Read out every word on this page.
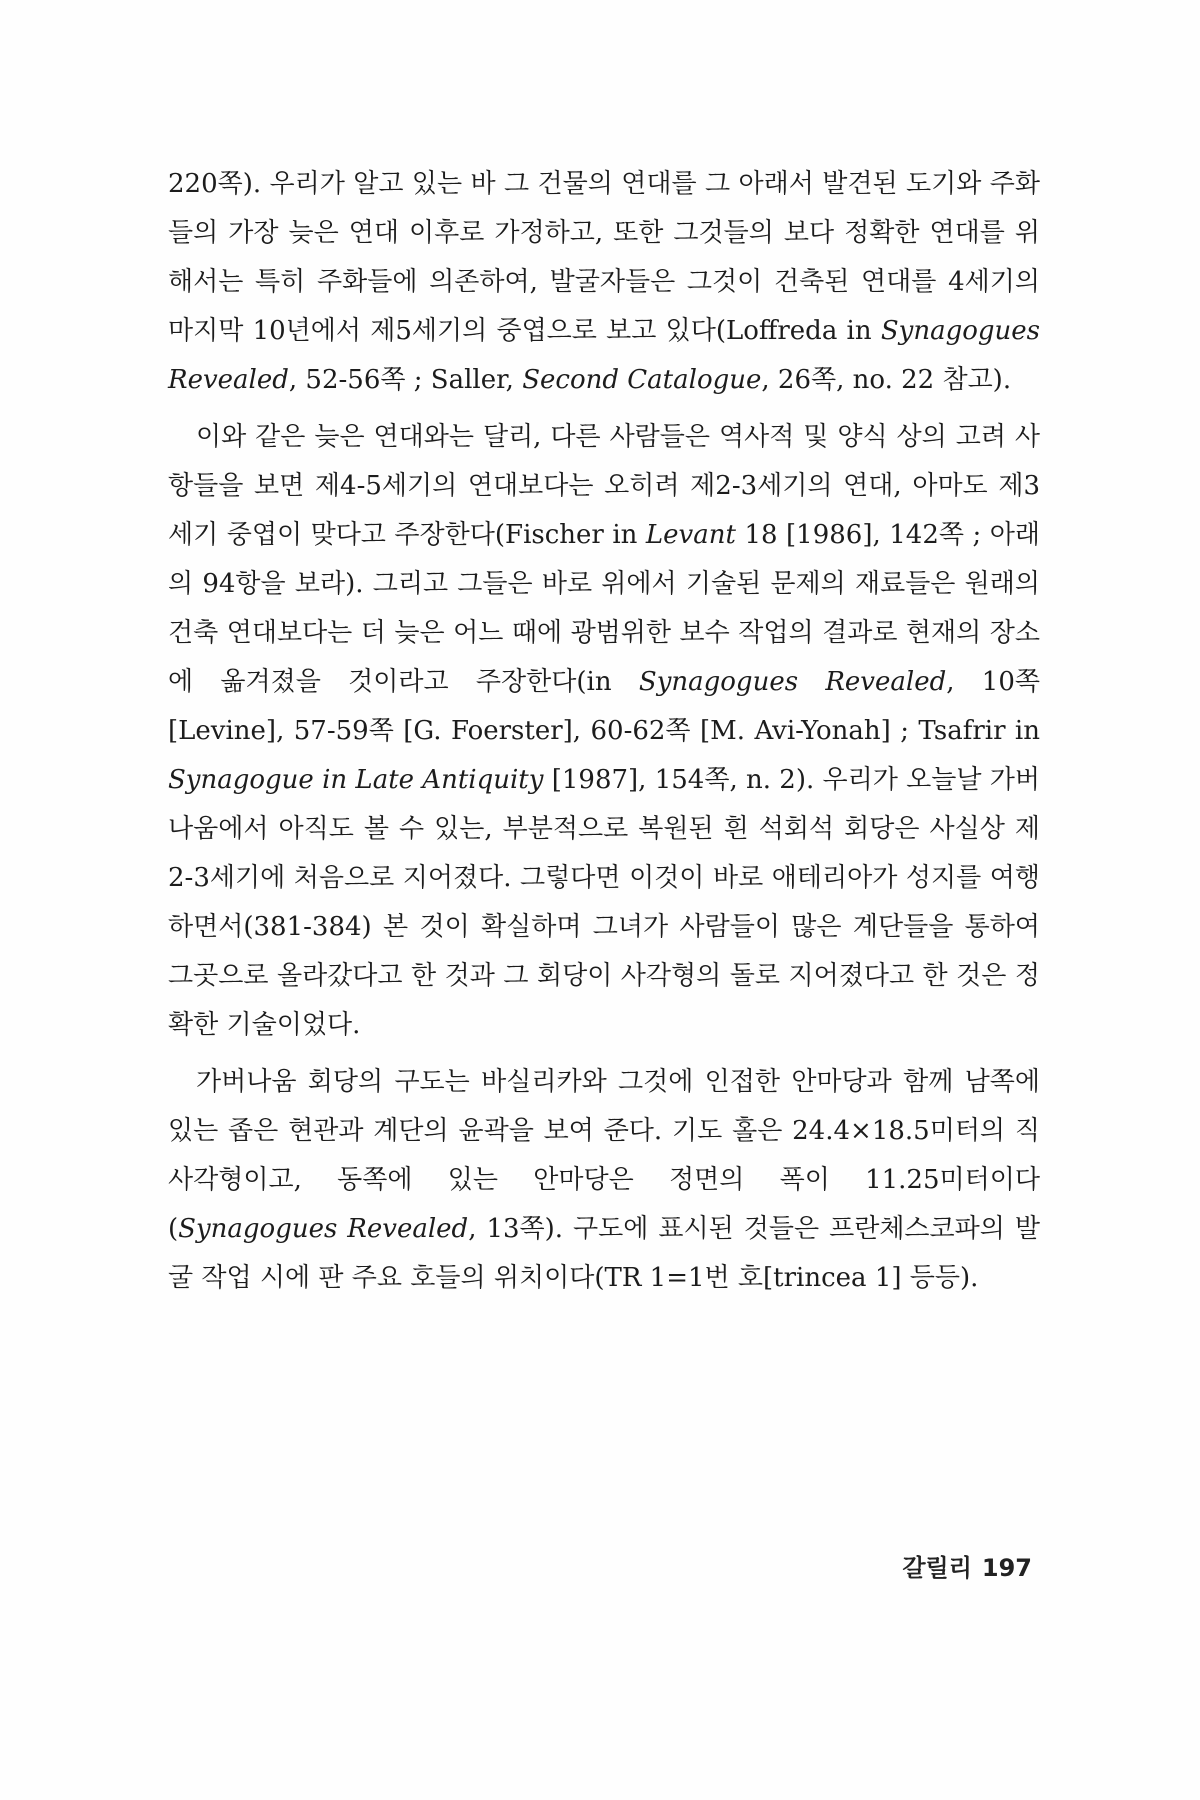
220쪽). 우리가 알고 있는 바 그 건물의 연대를 그 아래서 발견된 도기와 주화들의 가장 늦은 연대 이후로 가정하고, 또한 그것들의 보다 정확한 연대를 위해서는 특히 주화들에 의존하여, 발굴자들은 그것이 건축된 연대를 4세기의 마지막 10년에서 제5세기의 중엽으로 보고 있다(Loffreda in Synagogues Revealed, 52-56쪽 ; Saller, Second Catalogue, 26쪽, no. 22 참고).

이와 같은 늦은 연대와는 달리, 다른 사람들은 역사적 및 양식 상의 고려 사항들을 보면 제4-5세기의 연대보다는 오히려 제2-3세기의 연대, 아마도 제3세기 중엽이 맞다고 주장한다(Fischer in Levant 18 [1986], 142쪽 ; 아래의 94항을 보라). 그리고 그들은 바로 위에서 기술된 문제의 재료들은 원래의 건축 연대보다는 더 늦은 어느 때에 광범위한 보수 작업의 결과로 현재의 장소에 옮겨졌을 것이라고 주장한다(in Synagogues Revealed, 10쪽 [Levine], 57-59쪽 [G. Foerster], 60-62쪽 [M. Avi-Yonah] ; Tsafrir in Synagogue in Late Antiquity [1987], 154쪽, n. 2). 우리가 오늘날 가버나움에서 아직도 볼 수 있는, 부분적으로 복원된 흰 석회석 회당은 사실상 제2-3세기에 처음으로 지어졌다. 그렇다면 이것이 바로 애테리아가 성지를 여행하면서(381-384) 본 것이 확실하며 그녀가 사람들이 많은 계단들을 통하여 그곳으로 올라갔다고 한 것과 그 회당이 사각형의 돌로 지어졌다고 한 것은 정확한 기술이었다.

가버나움 회당의 구도는 바실리카와 그것에 인접한 안마당과 함께 남쪽에 있는 좁은 현관과 계단의 윤곽을 보여 준다. 기도 홀은 24.4×18.5미터의 직사각형이고, 동쪽에 있는 안마당은 정면의 폭이 11.25미터이다(Synagogues Revealed, 13쪽). 구도에 표시된 것들은 프란체스코파의 발굴 작업 시에 판 주요 호들의 위치이다(TR 1=1번 호[trincea 1] 등등).

갈릴리 197
